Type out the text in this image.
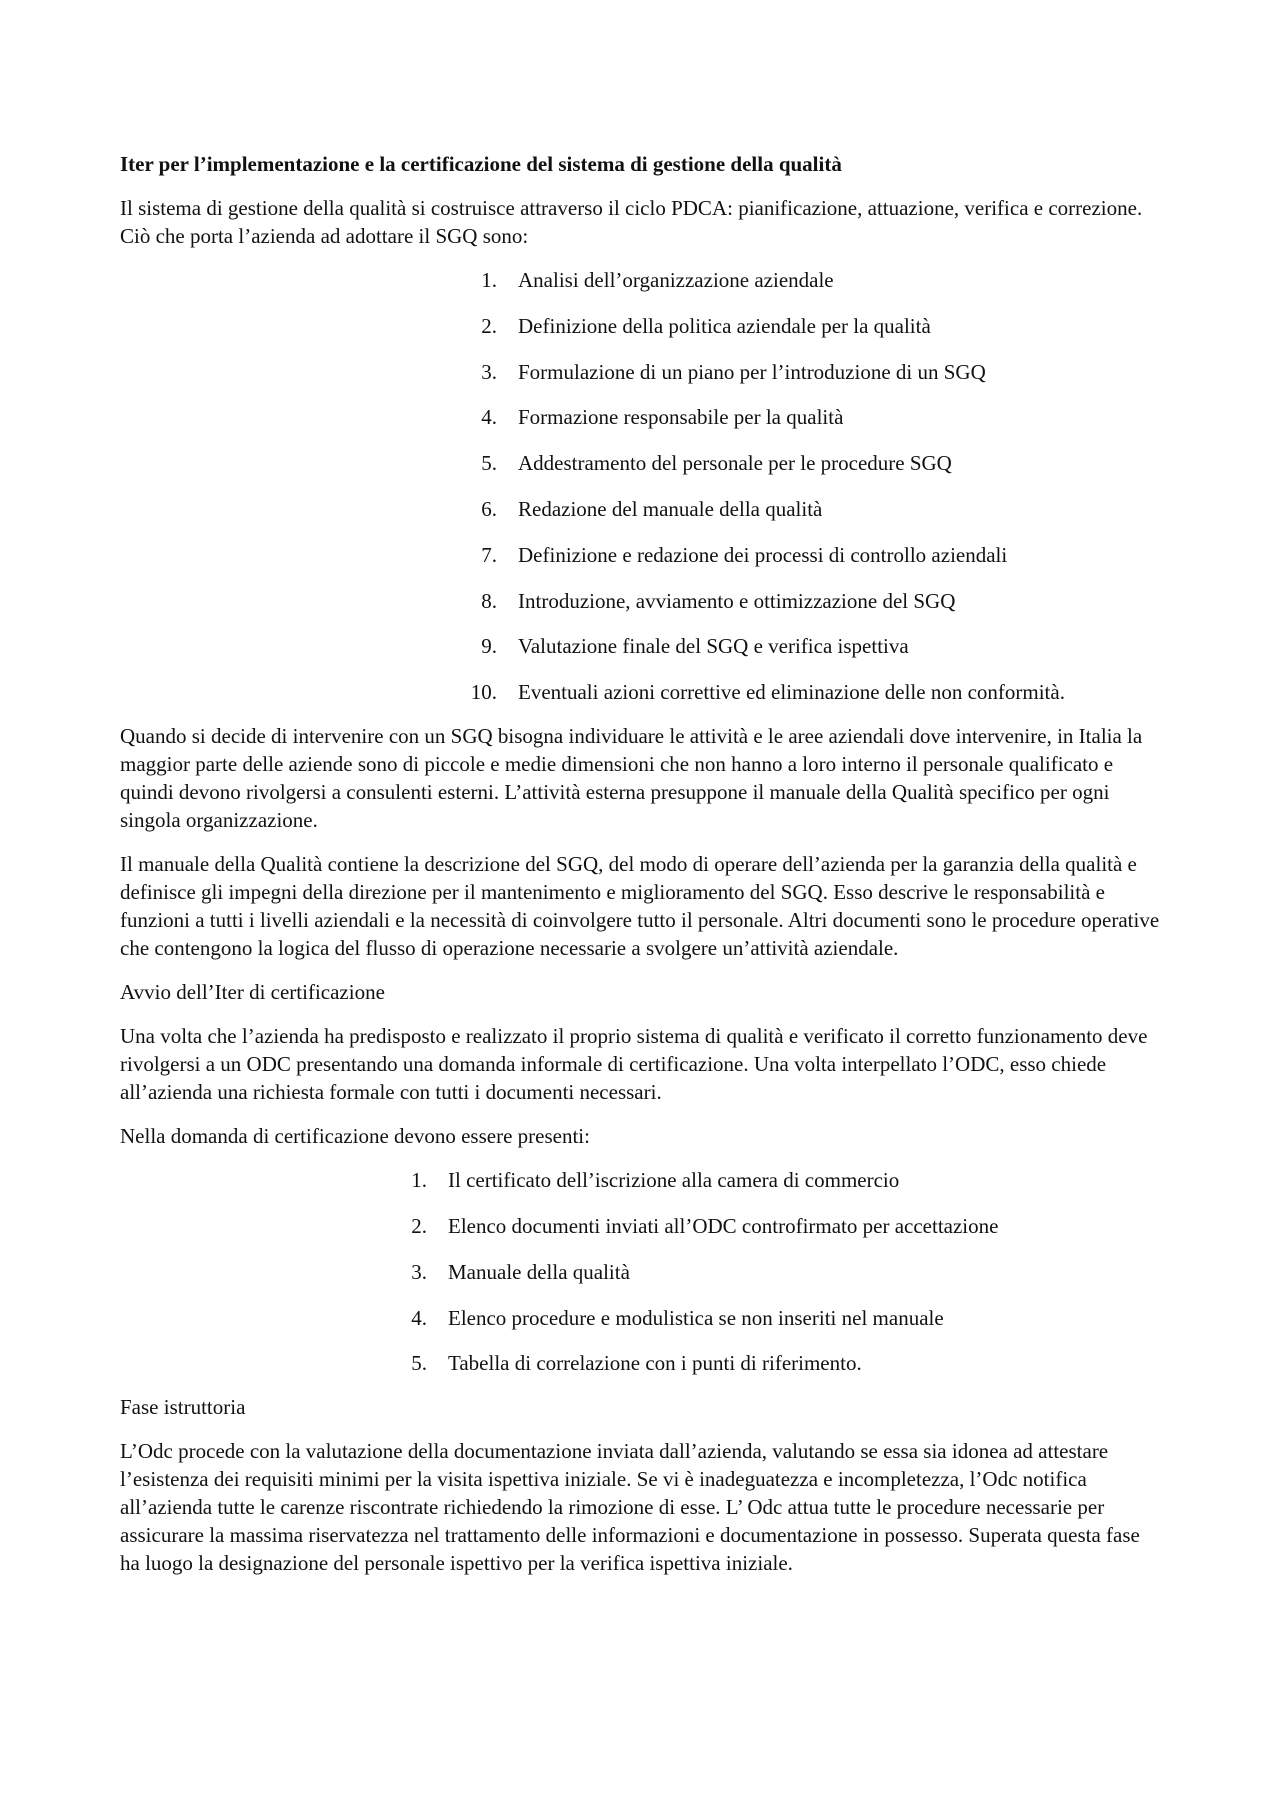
Iter per l’implementazione e la certificazione del sistema di gestione della qualità

Il sistema di gestione della qualità si costruisce attraverso il ciclo PDCA: pianificazione, attuazione, verifica e correzione. Ciò che porta l’azienda ad adottare il SGQ sono:

1. Analisi dell’organizzazione aziendale
2. Definizione della politica aziendale per la qualità
3. Formulazione di un piano per l’introduzione di un SGQ
4. Formazione responsabile per la qualità
5. Addestramento del personale per le procedure SGQ
6. Redazione del manuale della qualità
7. Definizione e redazione dei processi di controllo aziendali
8. Introduzione, avviamento e ottimizzazione del SGQ
9. Valutazione finale del SGQ e verifica ispettiva
10. Eventuali azioni correttive ed eliminazione delle non conformità.

Quando si decide di intervenire con un SGQ bisogna individuare le attività e le aree aziendali dove intervenire, in Italia la maggior parte delle aziende sono di piccole e medie dimensioni che non hanno a loro interno il personale qualificato e quindi devono rivolgersi a consulenti esterni. L’attività esterna presuppone il manuale della Qualità specifico per ogni singola organizzazione.

Il manuale della Qualità contiene la descrizione del SGQ, del modo di operare dell’azienda per la garanzia della qualità e definisce gli impegni della direzione per il mantenimento e miglioramento del SGQ. Esso descrive le responsabilità e funzioni a tutti i livelli aziendali e la necessità di coinvolgere tutto il personale. Altri documenti sono le procedure operative che contengono la logica del flusso di operazione necessarie a svolgere un’attività aziendale.

Avvio dell’Iter di certificazione

Una volta che l’azienda ha predisposto e realizzato il proprio sistema di qualità e verificato il corretto funzionamento deve rivolgersi a un ODC presentando una domanda informale di certificazione. Una volta interpellato l’ODC, esso chiede all’azienda una richiesta formale con tutti i documenti necessari.

Nella domanda di certificazione devono essere presenti:

1. Il certificato dell’iscrizione alla camera di commercio
2. Elenco documenti inviati all’ODC controfirmato per accettazione
3. Manuale della qualità
4. Elenco procedure e modulistica se non inseriti nel manuale
5. Tabella di correlazione con i punti di riferimento.

Fase istruttoria

L’Odc procede con la valutazione della documentazione inviata dall’azienda, valutando se essa sia idonea ad attestare l’esistenza dei requisiti minimi per la visita ispettiva iniziale. Se vi è inadeguatezza e incompletezza, l’Odc notifica all’azienda tutte le carenze riscontrate richiedendo la rimozione di esse. L’ Odc attua tutte le procedure necessarie per assicurare la massima riservatezza nel trattamento delle informazioni e documentazione in possesso. Superata questa fase ha luogo la designazione del personale ispettivo per la verifica ispettiva iniziale.
